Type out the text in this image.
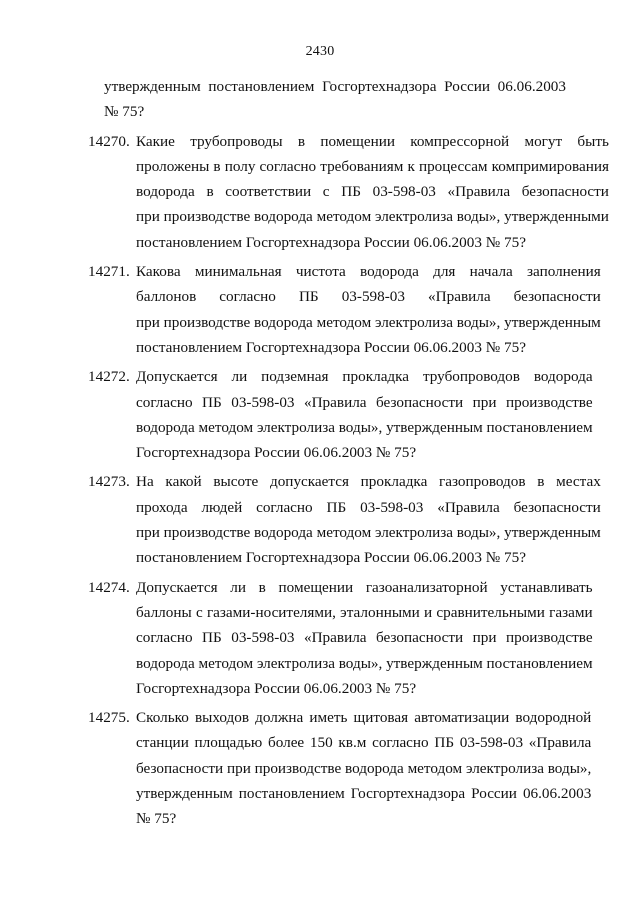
2430
утвержденным постановлением Госгортехнадзора России 06.06.2003
№ 75?
14270. Какие трубопроводы в помещении компрессорной могут быть
проложены в полу согласно требованиям к процессам компримирования
водорода в соответствии с ПБ 03-598-03 «Правила безопасности
при производстве водорода методом электролиза воды», утвержденными
постановлением Госгортехнадзора России 06.06.2003 № 75?
14271. Какова минимальная чистота водорода для начала заполнения
баллонов согласно ПБ 03-598-03 «Правила безопасности
при производстве водорода методом электролиза воды», утвержденным
постановлением Госгортехнадзора России 06.06.2003 № 75?
14272. Допускается ли подземная прокладка трубопроводов водорода
согласно ПБ 03-598-03 «Правила безопасности при производстве
водорода методом электролиза воды», утвержденным постановлением
Госгортехнадзора России 06.06.2003 № 75?
14273. На какой высоте допускается прокладка газопроводов в местах
прохода людей согласно ПБ 03-598-03 «Правила безопасности
при производстве водорода методом электролиза воды», утвержденным
постановлением Госгортехнадзора России 06.06.2003 № 75?
14274. Допускается ли в помещении газоанализаторной устанавливать
баллоны с газами-носителями, эталонными и сравнительными газами
согласно ПБ 03-598-03 «Правила безопасности при производстве
водорода методом электролиза воды», утвержденным постановлением
Госгортехнадзора России 06.06.2003 № 75?
14275. Сколько выходов должна иметь щитовая автоматизации водородной
станции площадью более 150 кв.м согласно ПБ 03-598-03 «Правила
безопасности при производстве водорода методом электролиза воды»,
утвержденным постановлением Госгортехнадзора России 06.06.2003
№ 75?
